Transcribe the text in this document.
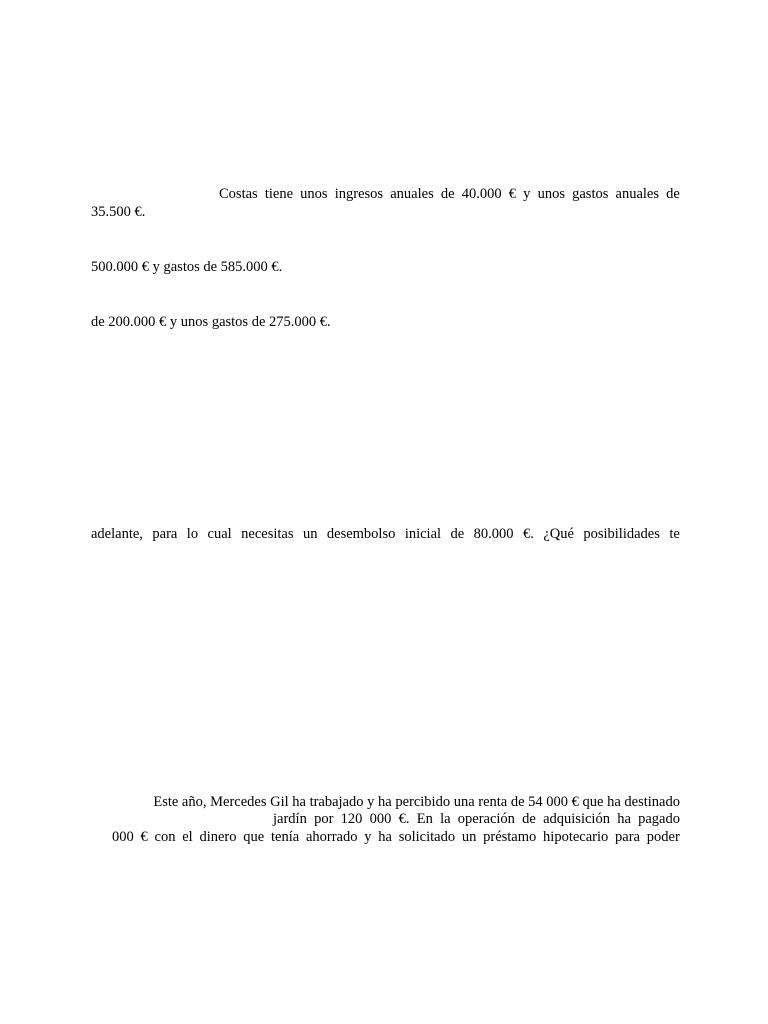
Costas tiene unos ingresos anuales de 40.000 € y unos gastos anuales de
35.500 €.
500.000 € y gastos de 585.000 €.
de 200.000 € y unos gastos de 275.000 €.
adelante, para lo cual necesitas un desembolso inicial de 80.000 €. ¿Qué posibilidades te
Este año, Mercedes Gil ha trabajado y ha percibido una renta de 54 000 € que ha destinado
jardín por 120 000 €. En la operación de adquisición ha pagado
000 € con el dinero que tenía ahorrado y ha solicitado un préstamo hipotecario para poder
